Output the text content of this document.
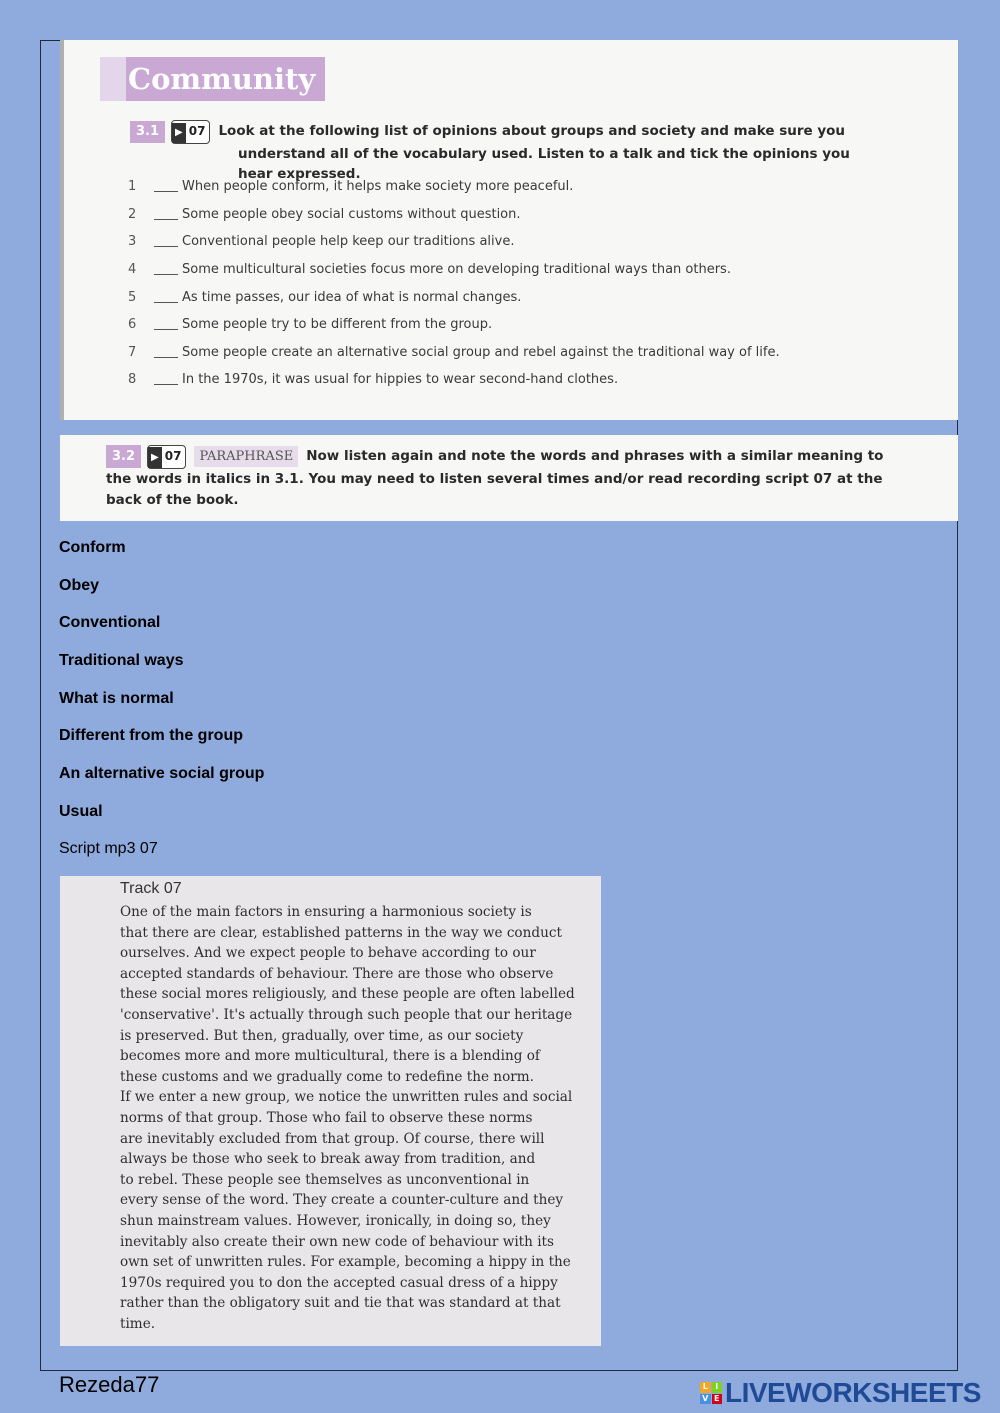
Community
3.1 ▶ 07 Look at the following list of opinions about groups and society and make sure you
understand all of the vocabulary used. Listen to a talk and tick the opinions you hear expressed.
1	When people conform, it helps make society more peaceful.
2	Some people obey social customs without question.
3	Conventional people help keep our traditions alive.
4	Some multicultural societies focus more on developing traditional ways than others.
5	As time passes, our idea of what is normal changes.
6	Some people try to be different from the group.
7	Some people create an alternative social group and rebel against the traditional way of life.
8	In the 1970s, it was usual for hippies to wear second-hand clothes.
3.2 ▶ 07 PARAPHRASE Now listen again and note the words and phrases with a similar meaning to
the words in italics in 3.1. You may need to listen several times and/or read recording script 07 at the
back of the book.
Conform
Obey
Conventional
Traditional ways
What is normal
Different from the group
An alternative social group
Usual
Script mp3 07
Track 07
One of the main factors in ensuring a harmonious society is
that there are clear, established patterns in the way we conduct
ourselves. And we expect people to behave according to our
accepted standards of behaviour. There are those who observe
these social mores religiously, and these people are often labelled
'conservative'. It's actually through such people that our heritage
is preserved. But then, gradually, over time, as our society
becomes more and more multicultural, there is a blending of
these customs and we gradually come to redefine the norm.
If we enter a new group, we notice the unwritten rules and social
norms of that group. Those who fail to observe these norms
are inevitably excluded from that group. Of course, there will
always be those who seek to break away from tradition, and
to rebel. These people see themselves as unconventional in
every sense of the word. They create a counter-culture and they
shun mainstream values. However, ironically, in doing so, they
inevitably also create their own new code of behaviour with its
own set of unwritten rules. For example, becoming a hippy in the
1970s required you to don the accepted casual dress of a hippy
rather than the obligatory suit and tie that was standard at that
time.
Rezeda77	L I
V E LIVEWORKSHEETS
